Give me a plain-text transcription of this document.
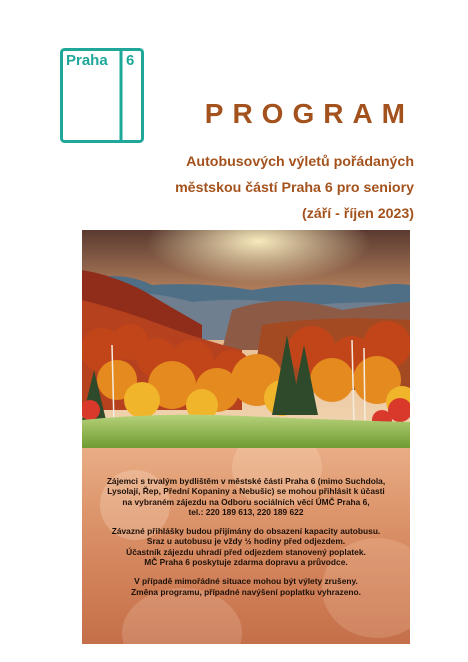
Praha 6
PROGRAM
Autobusových výletů pořádaných
městskou částí Praha 6 pro seniory
(září - říjen 2023)

Zájemci s trvalým bydlištěm v městské části Praha 6 (mimo Suchdola,
Lysolají, Řep, Přední Kopaniny a Nebušic) se mohou přihlásit k účasti
na vybraném zájezdu na Odboru sociálních věcí ÚMČ Praha 6,
tel.: 220 189 613, 220 189 622

Závazné přihlášky budou přijímány do obsazení kapacity autobusu.
Sraz u autobusu je vždy ½ hodiny před odjezdem.
Účastník zájezdu uhradí před odjezdem stanovený poplatek.
MČ Praha 6 poskytuje zdarma dopravu a průvodce.

V případě mimořádné situace mohou být výlety zrušeny.
Změna programu, případné navýšení poplatku vyhrazeno.
